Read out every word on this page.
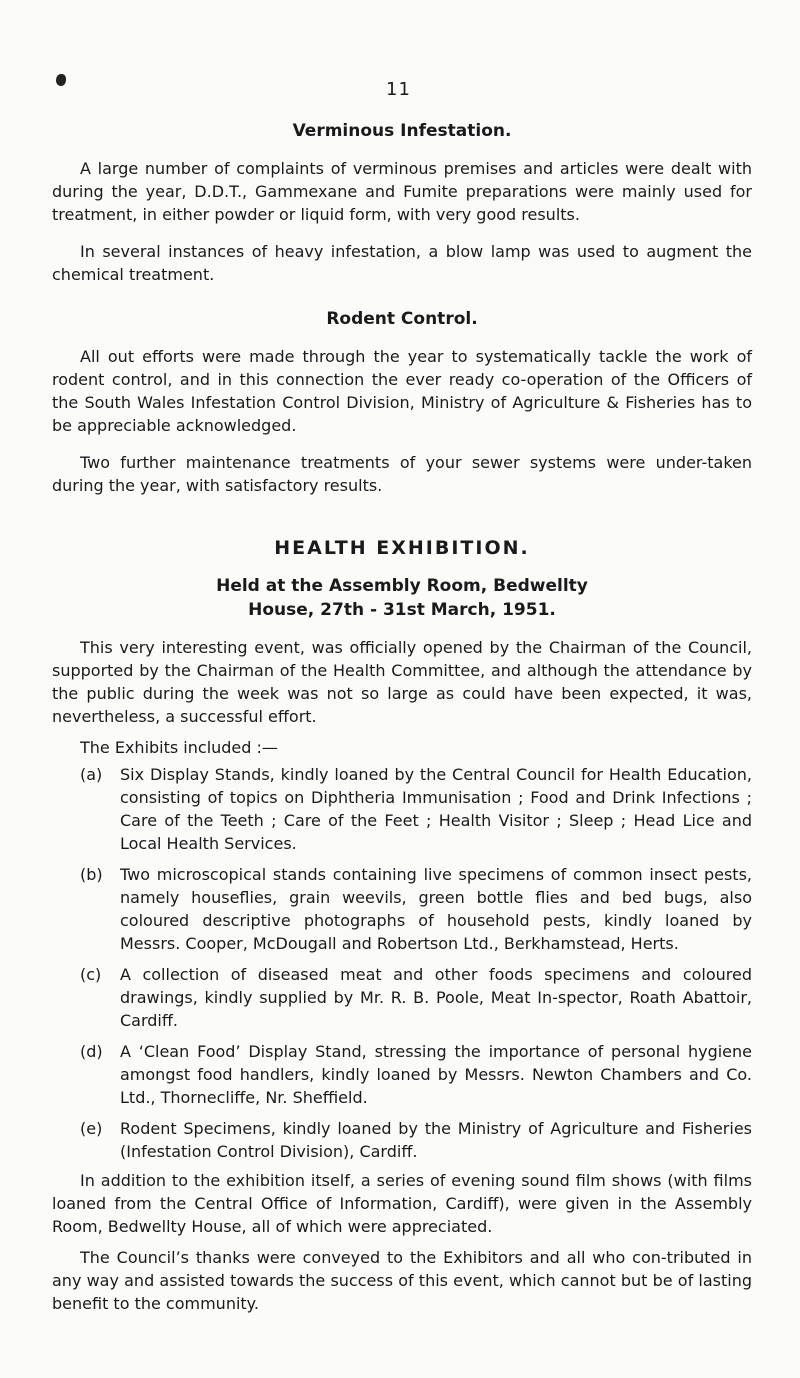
11
Verminous Infestation.

A large number of complaints of verminous premises and articles were dealt with during the year, D.D.T., Gammexane and Fumite preparations were mainly used for treatment, in either powder or liquid form, with very good results.

In several instances of heavy infestation, a blow lamp was used to augment the chemical treatment.

Rodent Control.

All out efforts were made through the year to systematically tackle the work of rodent control, and in this connection the ever ready co-operation of the Officers of the South Wales Infestation Control Division, Ministry of Agriculture & Fisheries has to be appreciable acknowledged.

Two further maintenance treatments of your sewer systems were under-taken during the year, with satisfactory results.

HEALTH EXHIBITION.
Held at the Assembly Room, Bedwellty
House, 27th - 31st March, 1951.

This very interesting event, was officially opened by the Chairman of the Council, supported by the Chairman of the Health Committee, and although the attendance by the public during the week was not so large as could have been expected, it was, nevertheless, a successful effort.

The Exhibits included :—

(a)	Six Display Stands, kindly loaned by the Central Council for Health Education, consisting of topics on Diphtheria Immunisation ; Food and Drink Infections ; Care of the Teeth ; Care of the Feet ; Health Visitor ; Sleep ; Head Lice and Local Health Services.
(b)	Two microscopical stands containing live specimens of common insect pests, namely houseflies, grain weevils, green bottle flies and bed bugs, also coloured descriptive photographs of household pests, kindly loaned by Messrs. Cooper, McDougall and Robertson Ltd., Berkhamstead, Herts.
(c)	A collection of diseased meat and other foods specimens and coloured drawings, kindly supplied by Mr. R. B. Poole, Meat In-spector, Roath Abattoir, Cardiff.
(d)	A ‘Clean Food’ Display Stand, stressing the importance of personal hygiene amongst food handlers, kindly loaned by Messrs. Newton Chambers and Co. Ltd., Thornecliffe, Nr. Sheffield.
(e)	Rodent Specimens, kindly loaned by the Ministry of Agriculture and Fisheries (Infestation Control Division), Cardiff.

In addition to the exhibition itself, a series of evening sound film shows (with films loaned from the Central Office of Information, Cardiff), were given in the Assembly Room, Bedwellty House, all of which were appreciated.

The Council’s thanks were conveyed to the Exhibitors and all who con-tributed in any way and assisted towards the success of this event, which cannot but be of lasting benefit to the community.
